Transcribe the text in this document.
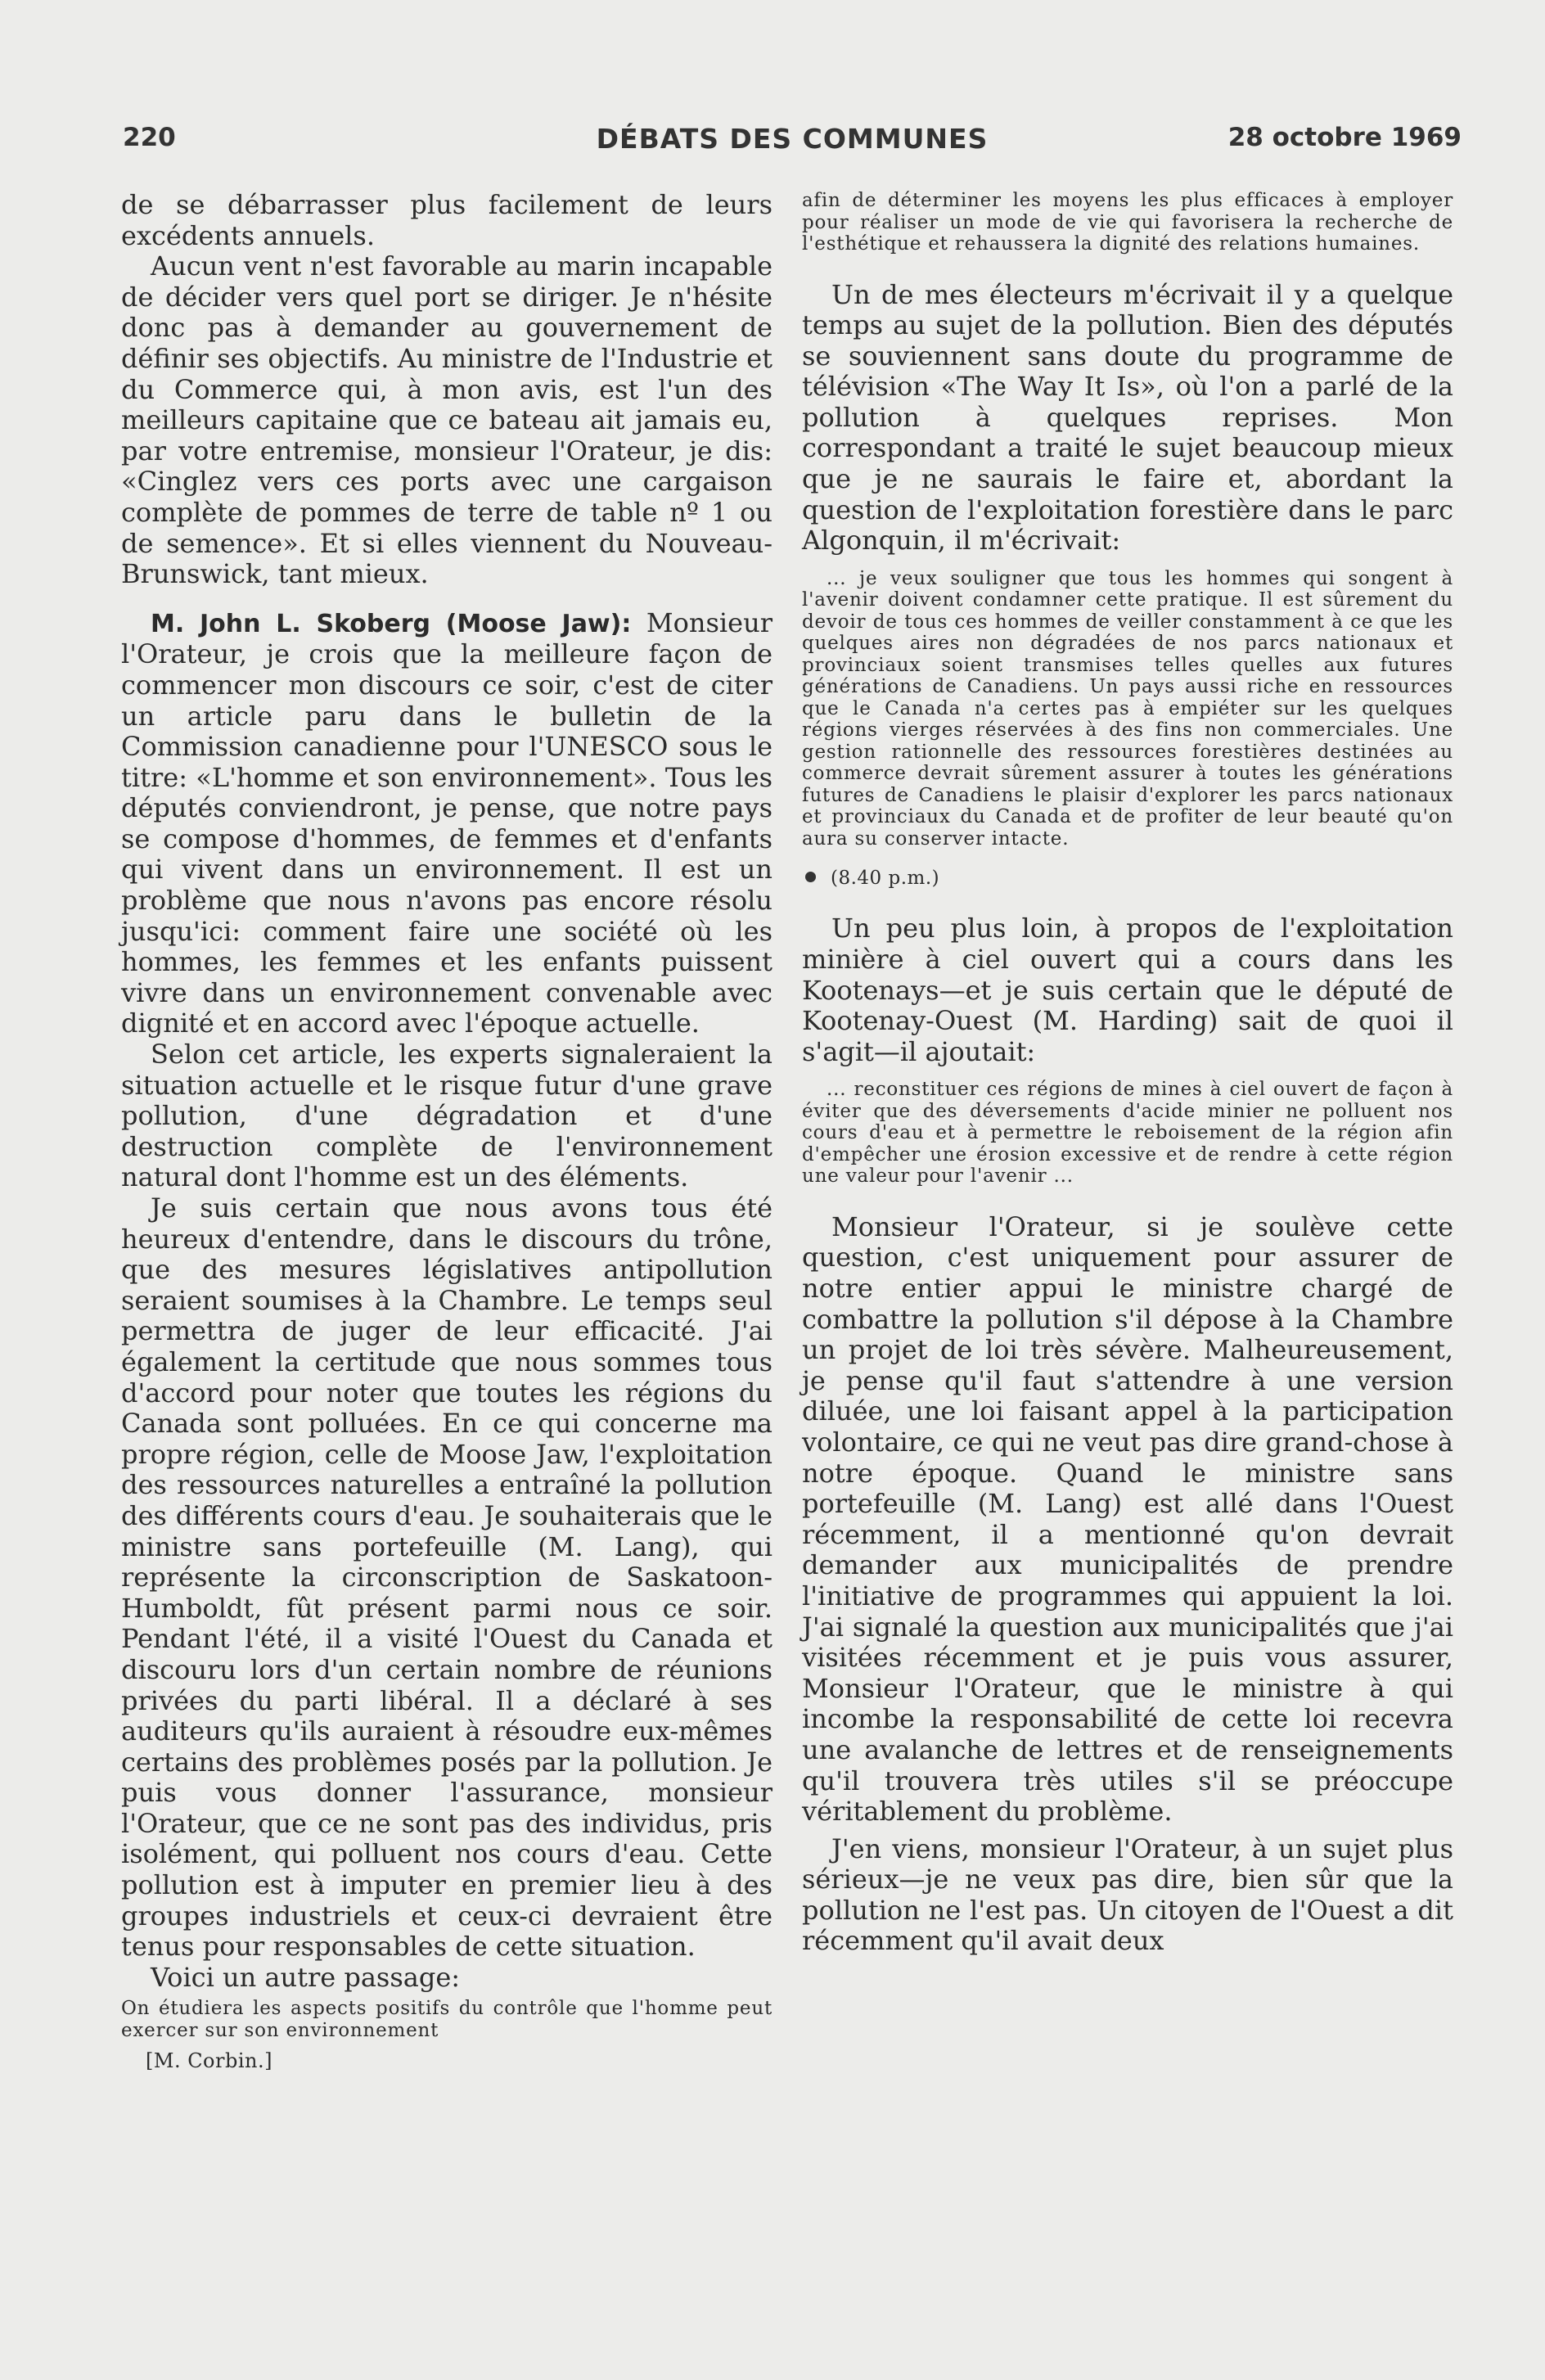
220	DÉBATS DES COMMUNES	28 octobre 1969

de se débarrasser plus facilement de leurs excédents annuels.

Aucun vent n'est favorable au marin incapable de décider vers quel port se diriger. Je n'hésite donc pas à demander au gouvernement de définir ses objectifs. Au ministre de l'Industrie et du Commerce qui, à mon avis, est l'un des meilleurs capitaine que ce bateau ait jamais eu, par votre entremise, monsieur l'Orateur, je dis: «Cinglez vers ces ports avec une cargaison complète de pommes de terre de table nº 1 ou de semence». Et si elles viennent du Nouveau-Brunswick, tant mieux.

M. John L. Skoberg (Moose Jaw): Monsieur l'Orateur, je crois que la meilleure façon de commencer mon discours ce soir, c'est de citer un article paru dans le bulletin de la Commission canadienne pour l'UNESCO sous le titre: «L'homme et son environnement». Tous les députés conviendront, je pense, que notre pays se compose d'hommes, de femmes et d'enfants qui vivent dans un environnement. Il est un problème que nous n'avons pas encore résolu jusqu'ici: comment faire une société où les hommes, les femmes et les enfants puissent vivre dans un environnement convenable avec dignité et en accord avec l'époque actuelle.

Selon cet article, les experts signaleraient la situation actuelle et le risque futur d'une grave pollution, d'une dégradation et d'une destruction complète de l'environnement natural dont l'homme est un des éléments.

Je suis certain que nous avons tous été heureux d'entendre, dans le discours du trône, que des mesures législatives antipollution seraient soumises à la Chambre. Le temps seul permettra de juger de leur efficacité. J'ai également la certitude que nous sommes tous d'accord pour noter que toutes les régions du Canada sont polluées. En ce qui concerne ma propre région, celle de Moose Jaw, l'exploitation des ressources naturelles a entraîné la pollution des différents cours d'eau. Je souhaiterais que le ministre sans portefeuille (M. Lang), qui représente la circonscription de Saskatoon-Humboldt, fût présent parmi nous ce soir. Pendant l'été, il a visité l'Ouest du Canada et discouru lors d'un certain nombre de réunions privées du parti libéral. Il a déclaré à ses auditeurs qu'ils auraient à résoudre eux-mêmes certains des problèmes posés par la pollution. Je puis vous donner l'assurance, monsieur l'Orateur, que ce ne sont pas des individus, pris isolément, qui polluent nos cours d'eau. Cette pollution est à imputer en premier lieu à des groupes industriels et ceux-ci devraient être tenus pour responsables de cette situation.

Voici un autre passage:

On étudiera les aspects positifs du contrôle que l'homme peut exercer sur son environnement

[M. Corbin.]

afin de déterminer les moyens les plus efficaces à employer pour réaliser un mode de vie qui favorisera la recherche de l'esthétique et rehaussera la dignité des relations humaines.

Un de mes électeurs m'écrivait il y a quelque temps au sujet de la pollution. Bien des députés se souviennent sans doute du programme de télévision «The Way It Is», où l'on a parlé de la pollution à quelques reprises. Mon correspondant a traité le sujet beaucoup mieux que je ne saurais le faire et, abordant la question de l'exploitation forestière dans le parc Algonquin, il m'écrivait:

... je veux souligner que tous les hommes qui songent à l'avenir doivent condamner cette pratique. Il est sûrement du devoir de tous ces hommes de veiller constamment à ce que les quelques aires non dégradées de nos parcs nationaux et provinciaux soient transmises telles quelles aux futures générations de Canadiens. Un pays aussi riche en ressources que le Canada n'a certes pas à empiéter sur les quelques régions vierges réservées à des fins non commerciales. Une gestion rationnelle des ressources forestières destinées au commerce devrait sûrement assurer à toutes les générations futures de Canadiens le plaisir d'explorer les parcs nationaux et provinciaux du Canada et de profiter de leur beauté qu'on aura su conserver intacte.

(8.40 p.m.)

Un peu plus loin, à propos de l'exploitation minière à ciel ouvert qui a cours dans les Kootenays—et je suis certain que le député de Kootenay-Ouest (M. Harding) sait de quoi il s'agit—il ajoutait:

... reconstituer ces régions de mines à ciel ouvert de façon à éviter que des déversements d'acide minier ne polluent nos cours d'eau et à permettre le reboisement de la région afin d'empêcher une érosion excessive et de rendre à cette région une valeur pour l'avenir ...

Monsieur l'Orateur, si je soulève cette question, c'est uniquement pour assurer de notre entier appui le ministre chargé de combattre la pollution s'il dépose à la Chambre un projet de loi très sévère. Malheureusement, je pense qu'il faut s'attendre à une version diluée, une loi faisant appel à la participation volontaire, ce qui ne veut pas dire grand-chose à notre époque. Quand le ministre sans portefeuille (M. Lang) est allé dans l'Ouest récemment, il a mentionné qu'on devrait demander aux municipalités de prendre l'initiative de programmes qui appuient la loi. J'ai signalé la question aux municipalités que j'ai visitées récemment et je puis vous assurer, Monsieur l'Orateur, que le ministre à qui incombe la responsabilité de cette loi recevra une avalanche de lettres et de renseignements qu'il trouvera très utiles s'il se préoccupe véritablement du problème.

J'en viens, monsieur l'Orateur, à un sujet plus sérieux—je ne veux pas dire, bien sûr que la pollution ne l'est pas. Un citoyen de l'Ouest a dit récemment qu'il avait deux
